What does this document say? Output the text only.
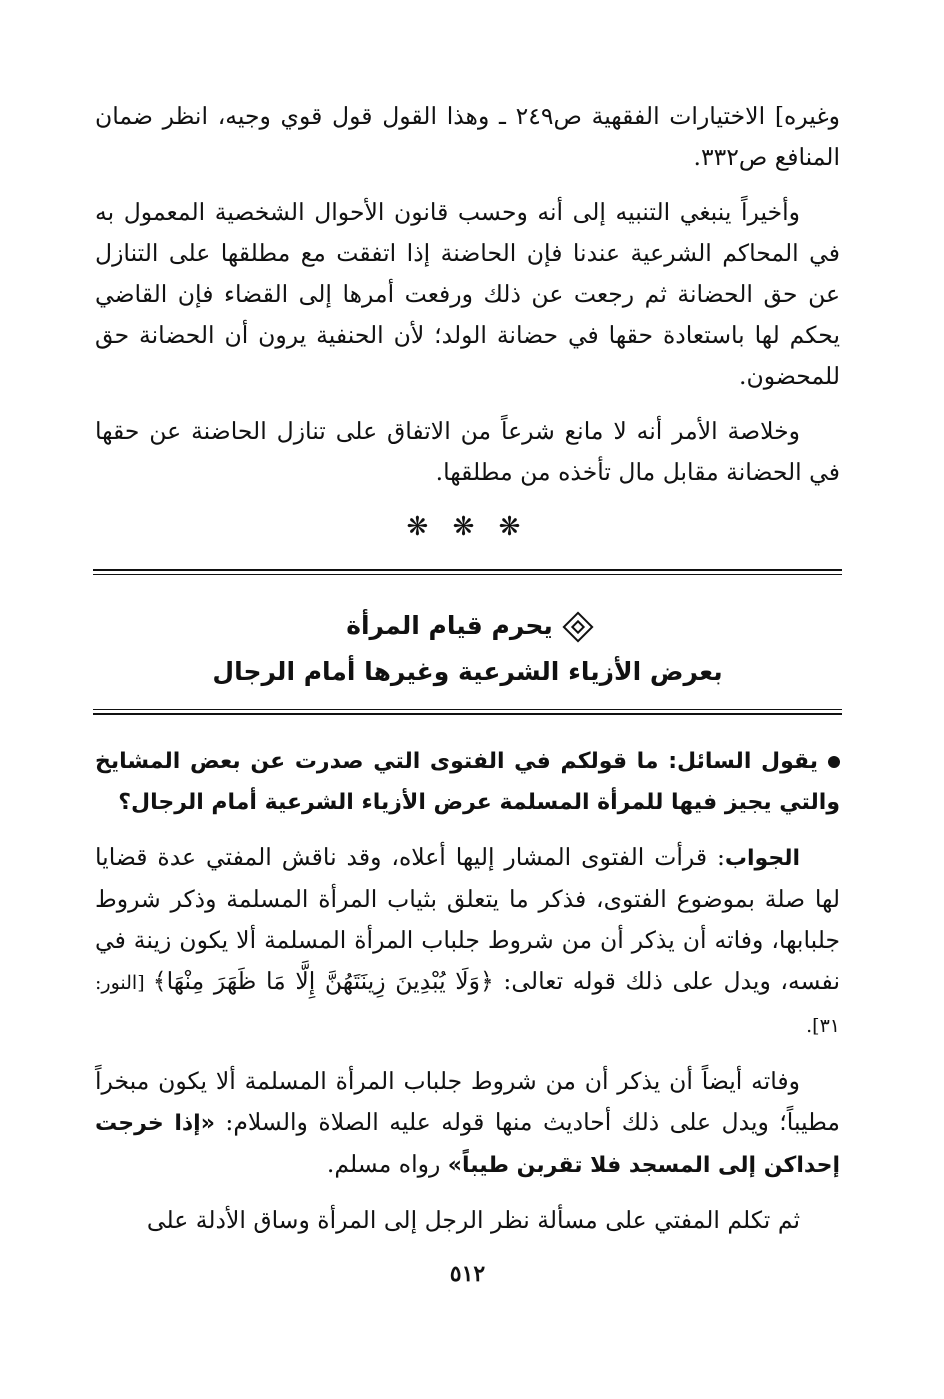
وغيره] الاختيارات الفقهية ص٢٤٩ ـ وهذا القول قول قوي وجيه، انظر ضمان المنافع ص٣٣٢.

وأخيراً ينبغي التنبيه إلى أنه وحسب قانون الأحوال الشخصية المعمول به في المحاكم الشرعية عندنا فإن الحاضنة إذا اتفقت مع مطلقها على التنازل عن حق الحضانة ثم رجعت عن ذلك ورفعت أمرها إلى القضاء فإن القاضي يحكم لها باستعادة حقها في حضانة الولد؛ لأن الحنفية يرون أن الحضانة حق للمحضون.

وخلاصة الأمر أنه لا مانع شرعاً من الاتفاق على تنازل الحاضنة عن حقها في الحضانة مقابل مال تأخذه من مطلقها.

❋ ❋ ❋
يحرم قيام المرأة
بعرض الأزياء الشرعية وغيرها أمام الرجال
يقول السائل: ما قولكم في الفتوى التي صدرت عن بعض المشايخ والتي يجيز فيها للمرأة المسلمة عرض الأزياء الشرعية أمام الرجال؟

الجواب: قرأت الفتوى المشار إليها أعلاه، وقد ناقش المفتي عدة قضايا لها صلة بموضوع الفتوى، فذكر ما يتعلق بثياب المرأة المسلمة وذكر شروط جلبابها، وفاته أن يذكر أن من شروط جلباب المرأة المسلمة ألا يكون زينة في نفسه، ويدل على ذلك قوله تعالى: ﴿وَلَا يُبْدِينَ زِينَتَهُنَّ إِلَّا مَا ظَهَرَ مِنْهَا﴾ [النور: ٣١].

وفاته أيضاً أن يذكر أن من شروط جلباب المرأة المسلمة ألا يكون مبخراً مطيباً؛ ويدل على ذلك أحاديث منها قوله عليه الصلاة والسلام: «إذا خرجت إحداكن إلى المسجد فلا تقربن طيباً» رواه مسلم.

ثم تكلم المفتي على مسألة نظر الرجل إلى المرأة وساق الأدلة على

٥١٢
